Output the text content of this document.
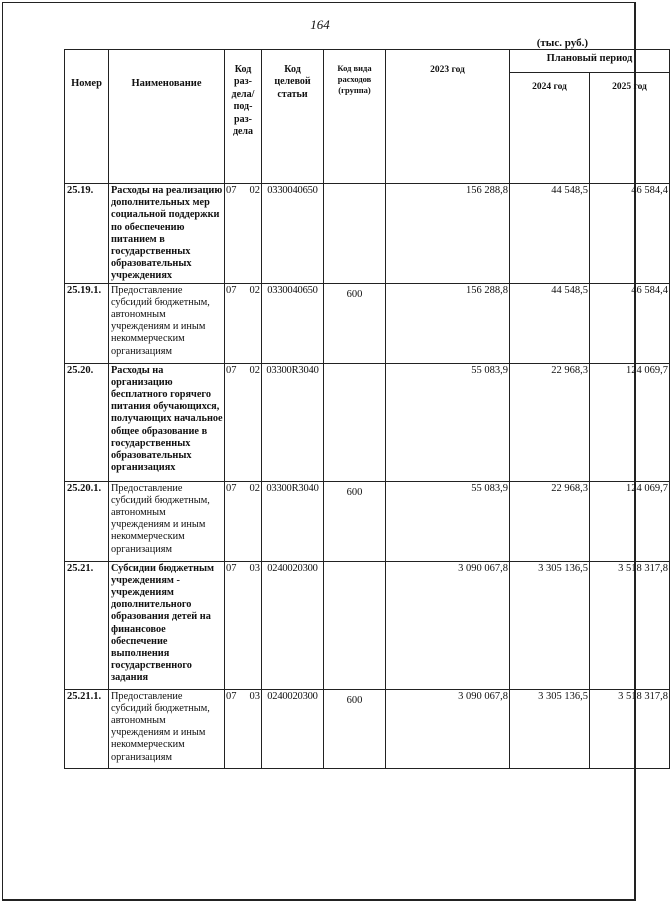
164
(тыс. руб.)
Номер	Наименование	Код раз-дела/ под-раз-дела	Код целевой статьи	Код вида расходов (группа)	2023 год	Плановый период	
						2024 год	2025 год
25.19.	Расходы на реализацию дополнительных мер социальной поддержки по обеспечению питанием в государственных образовательных учреждениях	07 02	0330040650		156 288,8	44 548,5	46 584,4
25.19.1.	Предоставление субсидий бюджетным, автономным учреждениям и иным некоммерческим организациям	07 02	0330040650	600	156 288,8	44 548,5	46 584,4
25.20.	Расходы на организацию бесплатного горячего питания обучающихся, получающих начальное общее образование в государственных образовательных организациях	07 02	03300R3040		55 083,9	22 968,3	124 069,7
25.20.1.	Предоставление субсидий бюджетным, автономным учреждениям и иным некоммерческим организациям	07 02	03300R3040	600	55 083,9	22 968,3	124 069,7
25.21.	Субсидии бюджетным учреждениям - учреждениям дополнительного образования детей на финансовое обеспечение выполнения государственного задания	07 03	0240020300		3 090 067,8	3 305 136,5	3 518 317,8
25.21.1.	Предоставление субсидий бюджетным, автономным учреждениям и иным некоммерческим организациям	07 03	0240020300	600	3 090 067,8	3 305 136,5	3 518 317,8
